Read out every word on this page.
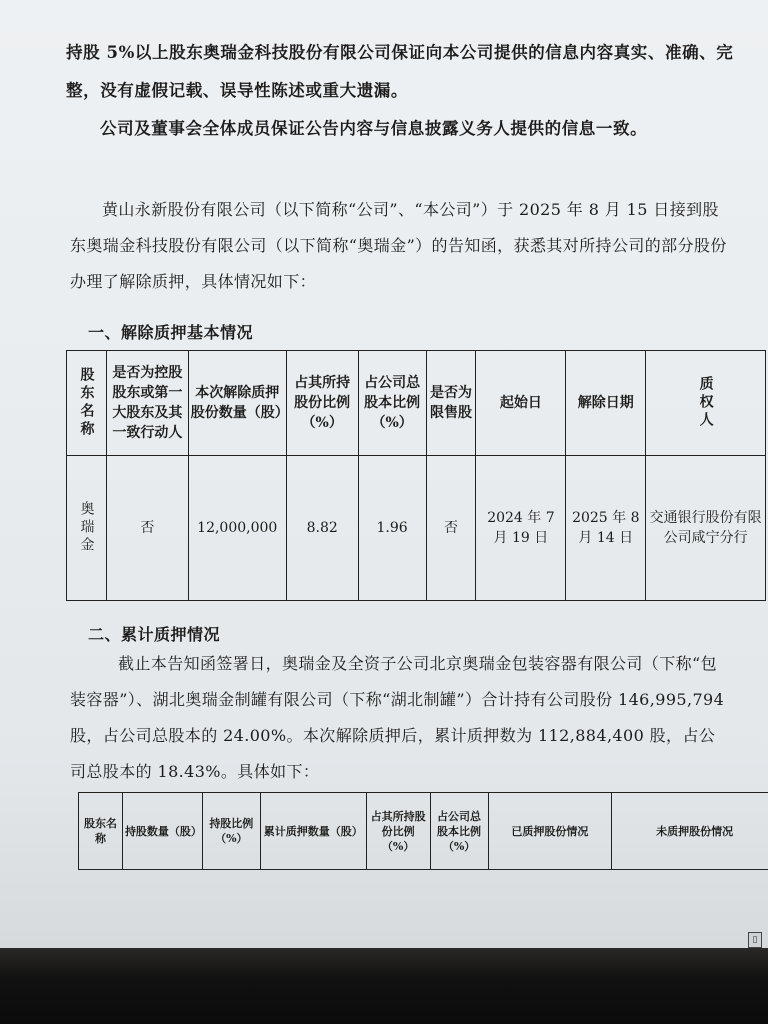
持股 5%以上股东奥瑞金科技股份有限公司保证向本公司提供的信息内容真实、准确、完整，没有虚假记载、误导性陈述或重大遗漏。

公司及董事会全体成员保证公告内容与信息披露义务人提供的信息一致。

黄山永新股份有限公司（以下简称“公司”、“本公司”）于 2025 年 8 月 15 日接到股东奥瑞金科技股份有限公司（以下简称“奥瑞金”）的告知函，获悉其对所持公司的部分股份办理了解除质押，具体情况如下：

一、解除质押基本情况

股东名称	是否为控股股东或第一大股东及其一致行动人	本次解除质押股份数量（股）	占其所持股份比例（%）	占公司总股本比例（%）	是否为限售股	起始日	解除日期	质权人

奥瑞金	否	12,000,000	8.82	1.96	否	2024 年 7 月 19 日	2025 年 8 月 14 日	交通银行股份有限公司咸宁分行

二、累计质押情况

截止本告知函签署日，奥瑞金及全资子公司北京奥瑞金包装容器有限公司（下称“包装容器”）、湖北奥瑞金制罐有限公司（下称“湖北制罐”）合计持有公司股份 146,995,794 股，占公司总股本的 24.00%。本次解除质押后，累计质押数为 112,884,400 股，占公司总股本的 18.43%。具体如下：

股东名称	持股数量（股）	持股比例（%）	累计质押数量（股）	占其所持股份比例（%）	占公司总股本比例（%）	已质押股份情况	未质押股份情况
▯
